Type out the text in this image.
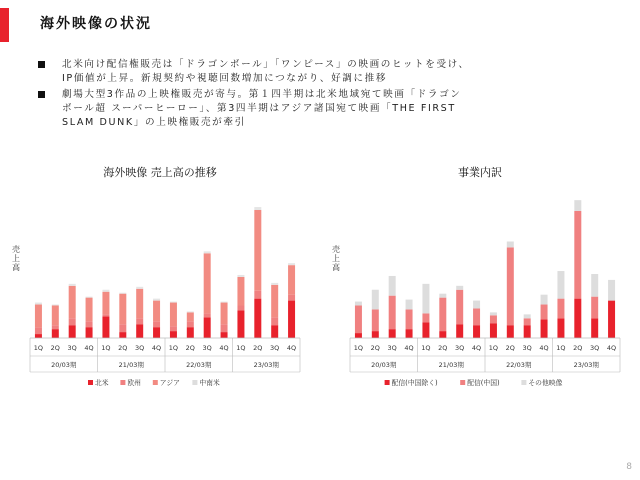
海外映像の状況
北米向け配信権販売は「ドラゴンボール」「ワンピース」の映画のヒットを受け、
IP価値が上昇。新規契約や視聴回数増加につながり、好調に推移
劇場大型3作品の上映権販売が寄与。第１四半期は北米地域宛て映画「ドラゴン
ボール超 スーパーヒーロー」、第3四半期はアジア諸国宛て映画「THE FIRST
SLAM DUNK」の上映権販売が牽引
海外映像 売上高の推移
売
上
高
1Q 2Q 3Q 4Q 1Q 2Q 3Q 4Q 1Q 2Q 3Q 4Q 1Q 2Q 3Q 4Q
20/03期	21/03期	22/03期	23/03期
北米	欧州	アジア	中南米
事業内訳
売
上
高
1Q 2Q 3Q 4Q 1Q 2Q 3Q 4Q 1Q 2Q 3Q 4Q 1Q 2Q 3Q 4Q
20/03期	21/03期	22/03期	23/03期
配信(中国除く)	配信(中国)	その他映像
8
